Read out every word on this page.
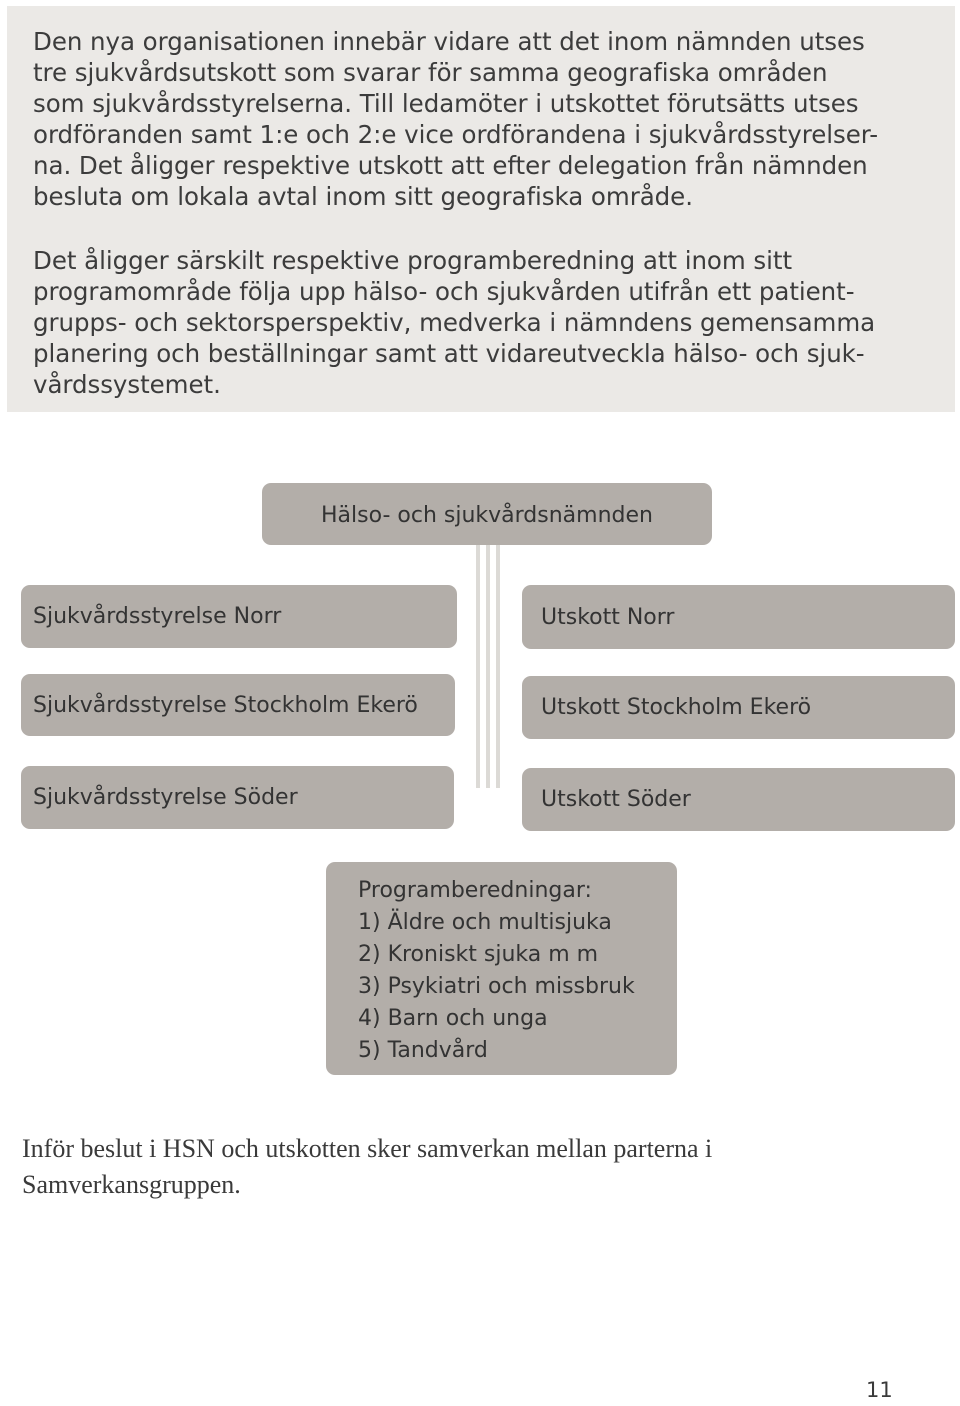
Den nya organisationen innebär vidare att det inom nämnden utses
tre sjukvårdsutskott som svarar för samma geografiska områden
som sjukvårdsstyrelserna. Till ledamöter i utskottet förutsätts utses
ordföranden samt 1:e och 2:e vice ordförandena i sjukvårdsstyrelser-
na. Det åligger respektive utskott att efter delegation från nämnden
besluta om lokala avtal inom sitt geografiska område.
Det åligger särskilt respektive programberedning att inom sitt
programområde följa upp hälso- och sjukvården utifrån ett patient-
grupps- och sektorsperspektiv, medverka i nämndens gemensamma
planering och beställningar samt att vidareutveckla hälso- och sjuk-
vårdssystemet.
Hälso- och sjukvårdsnämnden
Sjukvårdsstyrelse Norr
Sjukvårdsstyrelse Stockholm Ekerö
Sjukvårdsstyrelse Söder
Utskott Norr
Utskott Stockholm Ekerö
Utskott Söder
Programberedningar:
1) Äldre och multisjuka
2) Kroniskt sjuka m m
3) Psykiatri och missbruk
4) Barn och unga
5) Tandvård
Inför beslut i HSN och utskotten sker samverkan mellan parterna i
Samverkansgruppen.
11
